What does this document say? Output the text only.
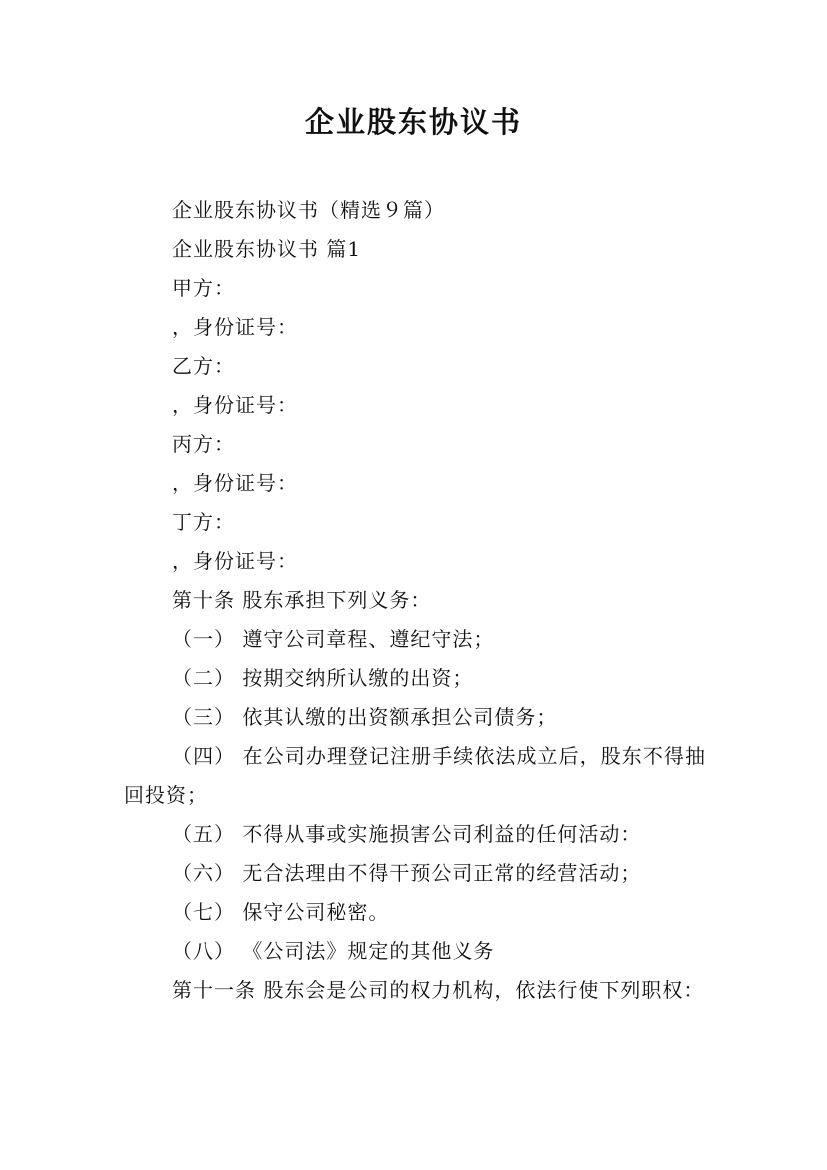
企业股东协议书

企业股东协议书（精选９篇）

企业股东协议书 篇1

甲方：

，身份证号：

乙方：

，身份证号：

丙方：

，身份证号：

丁方：

，身份证号：

第十条 股东承担下列义务：

（一） 遵守公司章程、遵纪守法；

（二） 按期交纳所认缴的出资；

（三） 依其认缴的出资额承担公司债务；

（四） 在公司办理登记注册手续依法成立后，股东不得抽回投资；

（五） 不得从事或实施损害公司利益的任何活动：

（六） 无合法理由不得干预公司正常的经营活动；

（七） 保守公司秘密。

（八） 《公司法》规定的其他义务

第十一条 股东会是公司的权力机构，依法行使下列职权：
